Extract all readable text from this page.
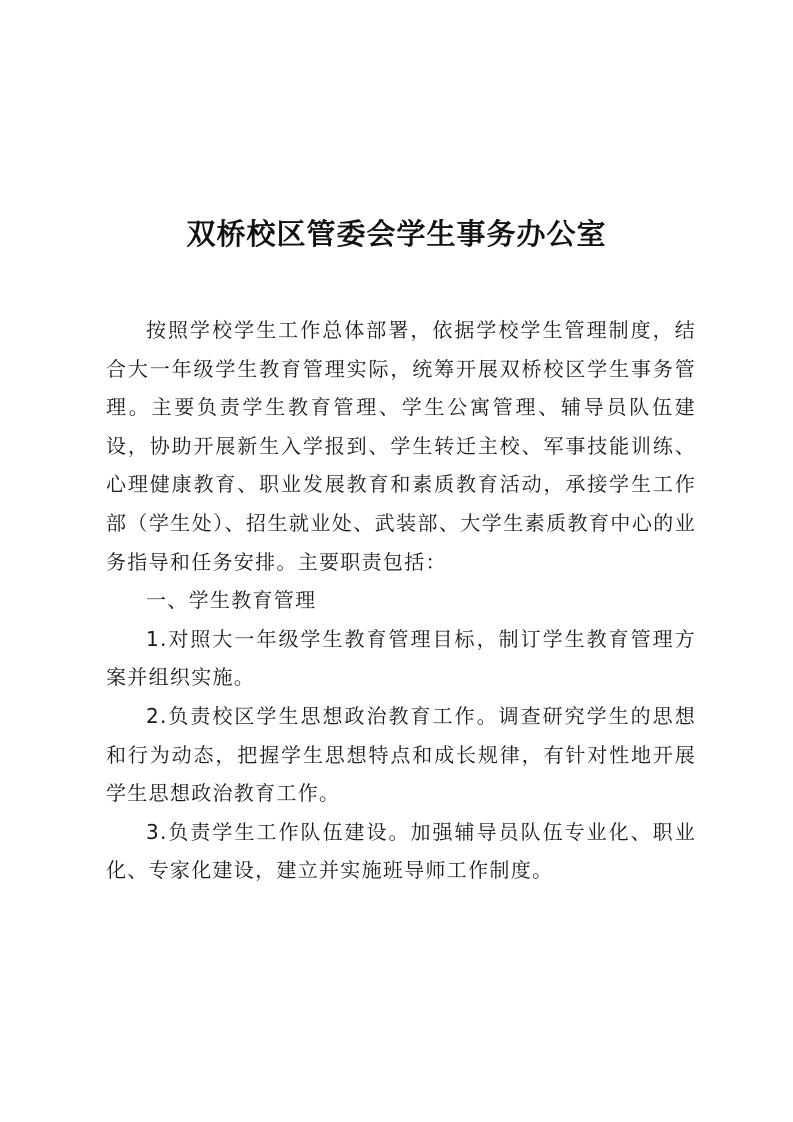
双桥校区管委会学生事务办公室

按照学校学生工作总体部署，依据学校学生管理制度，结合大一年级学生教育管理实际，统筹开展双桥校区学生事务管理。主要负责学生教育管理、学生公寓管理、辅导员队伍建设，协助开展新生入学报到、学生转迁主校、军事技能训练、心理健康教育、职业发展教育和素质教育活动，承接学生工作部（学生处）、招生就业处、武装部、大学生素质教育中心的业务指导和任务安排。主要职责包括：

一、学生教育管理

1.对照大一年级学生教育管理目标，制订学生教育管理方案并组织实施。

2.负责校区学生思想政治教育工作。调查研究学生的思想和行为动态，把握学生思想特点和成长规律，有针对性地开展学生思想政治教育工作。

3.负责学生工作队伍建设。加强辅导员队伍专业化、职业化、专家化建设，建立并实施班导师工作制度。
